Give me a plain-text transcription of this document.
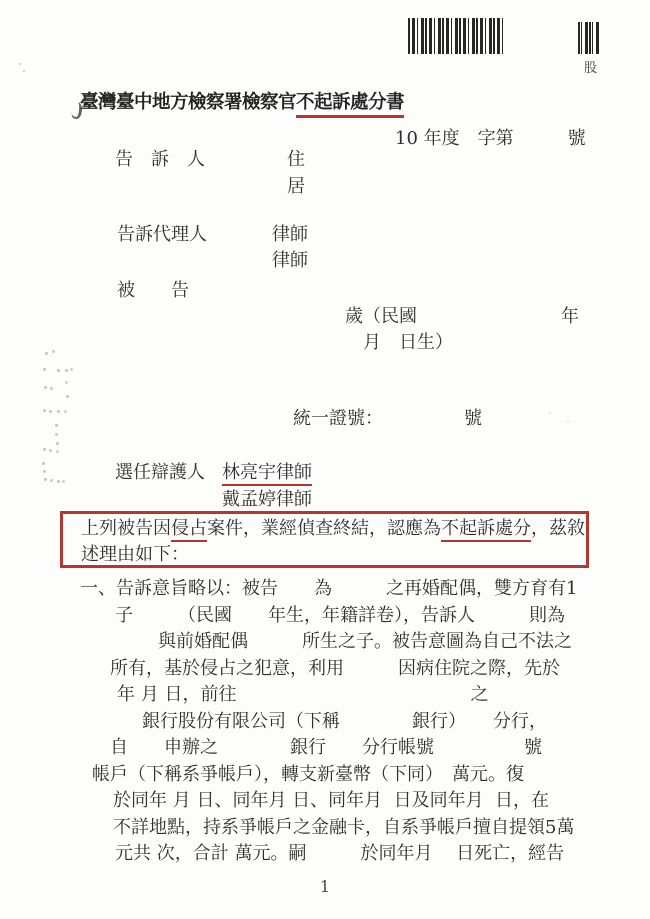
股
臺灣臺中地方檢察署檢察官不起訴處分書
10 年度　字第　　　號
告　訴　人	住
居
告訴代理人	律師
律師
被　　告
歲（民國　　　　　　　　年
月　日生）
統一證號：　　　　　號
選任辯護人 林亮宇律師
戴孟婷律師
上列被告因侵占案件，業經偵查終結，認應為不起訴處分，茲敘
述理由如下：
一、告訴意旨略以：被告　　為　　　之再婚配偶，雙方育有1
子　　　（民國　　年生，年籍詳卷），告訴人　　　則為
與前婚配偶　　　所生之子。被告意圖為自己不法之
所有，基於侵占之犯意，利用　　　因病住院之際，先於
年 月 日，前往　　　　　　　　　　　　　之
銀行股份有限公司（下稱　　　　銀行）　　分行，
自　　申辦之　　　　銀行　　分行帳號　　　　　號
帳戶（下稱系爭帳戶），轉支新臺幣（下同）　萬元。復
於同年 月 日、同年月 日、同年月  日及同年月  日，在
不詳地點，持系爭帳戶之金融卡，自系爭帳戶擅自提領5萬
元共 次，合計 萬元。嗣　　　於同年月　 日死亡，經告
1
